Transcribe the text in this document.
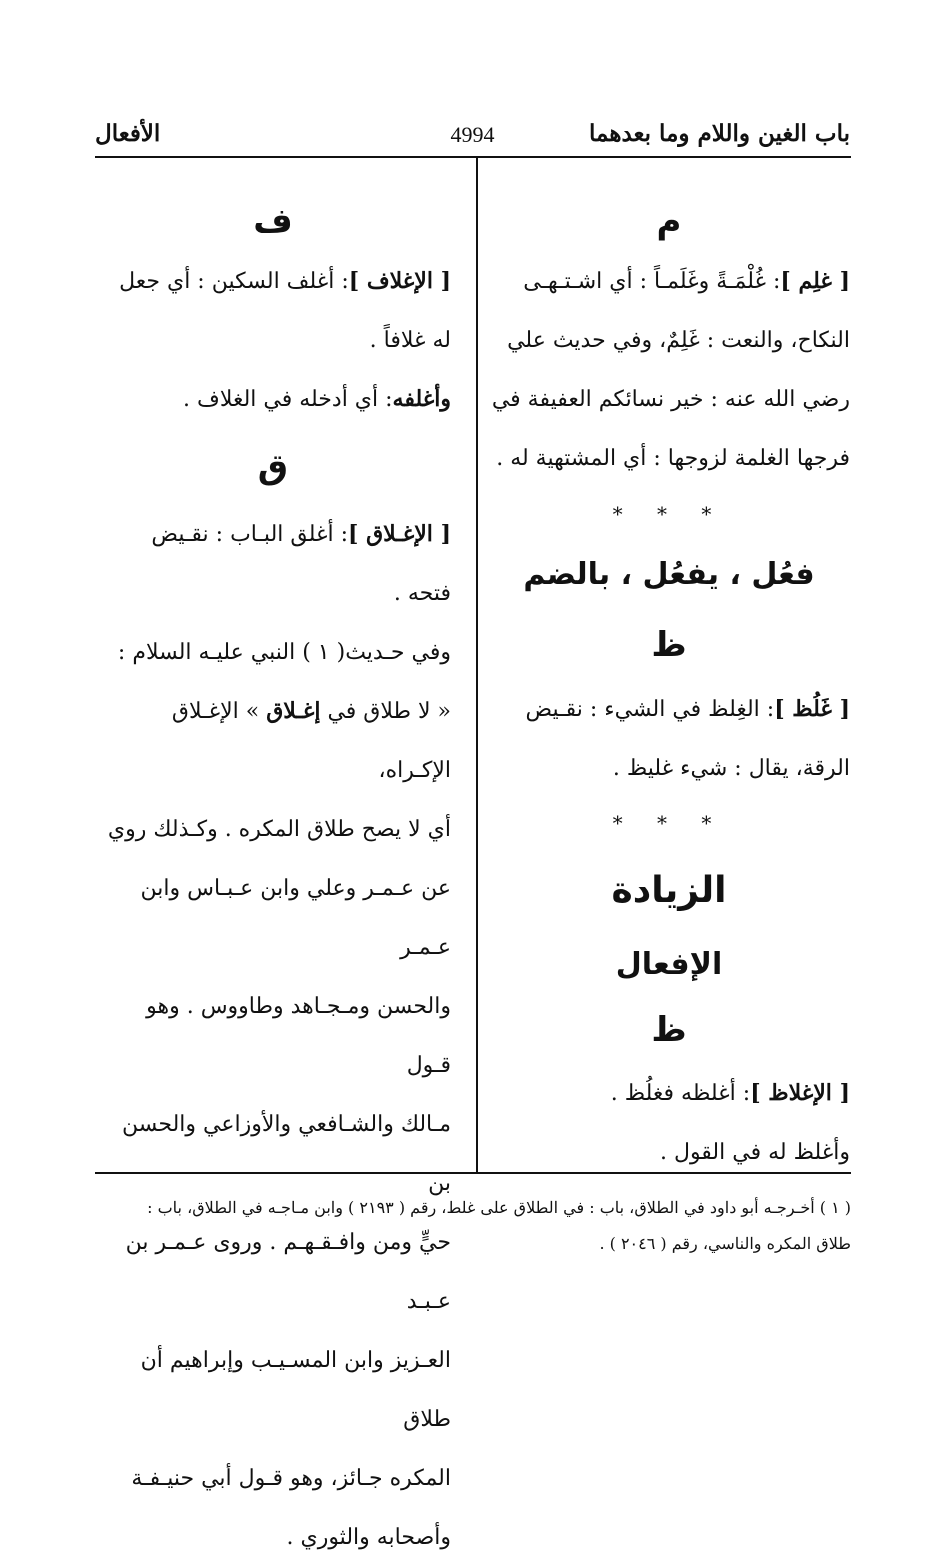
باب الغين واللام وما بعدهما
4994
الأفعال

م

[ غلِم ]: غُلْمَـةً وغَلَمـاً : أي اشـتـهـى

النكاح، والنعت : غَلِمٌ، وفي حديث علي

رضي الله عنه : خير نسائكم العفيفة في

فرجها الغلمة لزوجها : أي المشتهية له .

* * *

فعُل ، يفعُل ، بالضم

ظ

[ غَلُظ ]: الغِلظ في الشيء : نقـيض

الرقة، يقال : شيء غليظ .

* * *

الزيادة

الإفعال

ظ

[ الإغلاظ ]: أغلظه فغلُظ .

وأغلظ له في القول .

ف

[ الإغلاف ]: أغلف السكين : أي جعل

له غلافاً .

وأغلفه: أي أدخله في الغلاف .

ق

[ الإغـلاق ]: أغلق البـاب : نقـيض

فتحه .

وفي حـديث( ١ ) النبي عليـه السلام :

« لا طلاق في إغـلاق » الإغـلاق الإكـراه،

أي لا يصح طلاق المكره . وكـذلك روي

عن عـمـر وعلي وابن عـبـاس وابن عـمـر

والحسن ومـجـاهد وطاووس . وهو قـول

مـالك والشـافعي والأوزاعي والحسن بن

حيٍّ ومن وافـقـهـم . وروى عـمـر بن عـبـد

العـزيز وابن المسـيـب وإبراهيم أن طلاق

المكره جـائز، وهو قـول أبي حنيـفـة

وأصحابه والثوري .

( ١ ) أخـرجـه أبو داود في الطلاق، باب : في الطلاق على غلط، رقم ( ٢١٩٣ ) وابن مـاجـه في الطلاق، باب :
طلاق المكره والناسي، رقم ( ٢٠٤٦ ) .
